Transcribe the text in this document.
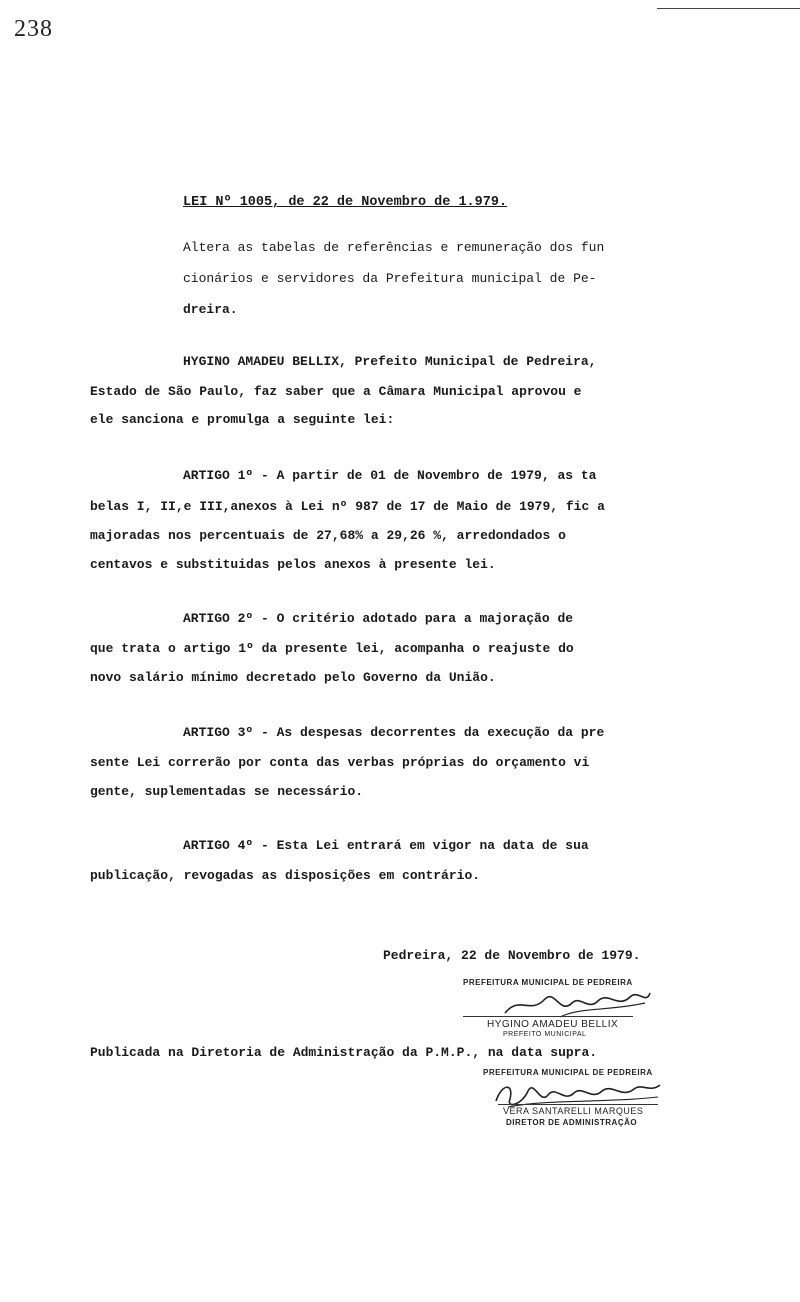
238
LEI Nº 1005, de 22 de Novembro de 1.979.
Altera as tabelas de referências e remuneração dos fun
cionários e servidores da Prefeitura municipal de Pe-
dreira.
HYGINO AMADEU BELLIX, Prefeito Municipal de Pedreira,
Estado de São Paulo, faz saber que a Câmara Municipal aprovou e
ele sanciona e promulga a seguinte lei:
ARTIGO 1º - A partir de 01 de Novembro de 1979, as ta
belas I, II,e III,anexos à Lei nº 987 de 17 de Maio de 1979, fic a
majoradas nos percentuais de 27,68% a 29,26 %, arredondados o
centavos e substituidas pelos anexos à presente lei.
ARTIGO 2º - O critério adotado para a majoração de
que trata o artigo 1º da presente lei, acompanha o reajuste do
novo salário mínimo decretado pelo Governo da União.
ARTIGO 3º - As despesas decorrentes da execução da pre
sente Lei correrão por conta das verbas próprias do orçamento vi
gente, suplementadas se necessário.
ARTIGO 4º - Esta Lei entrará em vigor na data de sua
publicação, revogadas as disposições em contrário.
Pedreira, 22 de Novembro de 1979.
PREFEITURA MUNICIPAL DE PEDREIRA
HYGINO AMADEU BELLIX
PREFEITO MUNICIPAL
Publicada na Diretoria de Administração da P.M.P., na data supra.
PREFEITURA MUNICIPAL DE PEDREIRA
VERA SANTARELLI MARQUES
DIRETOR DE ADMINISTRAÇÃO
